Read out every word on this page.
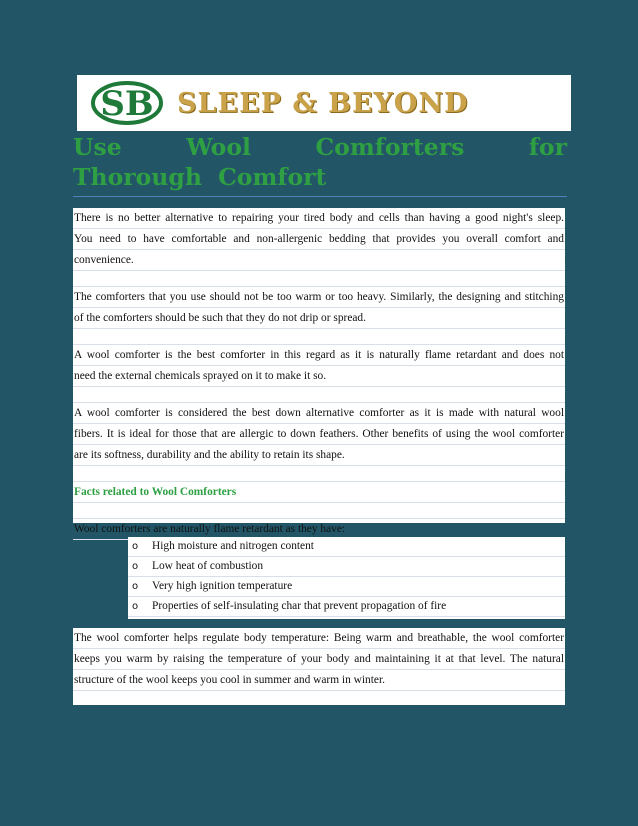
SB SLEEP & BEYOND
Use Wool Comforters for Thorough Comfort
There is no better alternative to repairing your tired body and cells than having a good night's sleep.
You need to have comfortable and non-allergenic bedding that provides you overall comfort and
convenience.
The comforters that you use should not be too warm or too heavy. Similarly, the designing and stitching
of the comforters should be such that they do not drip or spread.
A wool comforter is the best comforter in this regard as it is naturally flame retardant and does not
need the external chemicals sprayed on it to make it so.
A wool comforter is considered the best down alternative comforter as it is made with natural wool
fibers. It is ideal for those that are allergic to down feathers. Other benefits of using the wool comforter
are its softness, durability and the ability to retain its shape.
Facts related to Wool Comforters
Wool comforters are naturally flame retardant as they have:
o	High moisture and nitrogen content
o	Low heat of combustion
o	Very high ignition temperature
o	Properties of self-insulating char that prevent propagation of fire
The wool comforter helps regulate body temperature: Being warm and breathable, the wool comforter
keeps you warm by raising the temperature of your body and maintaining it at that level. The natural
structure of the wool keeps you cool in summer and warm in winter.
